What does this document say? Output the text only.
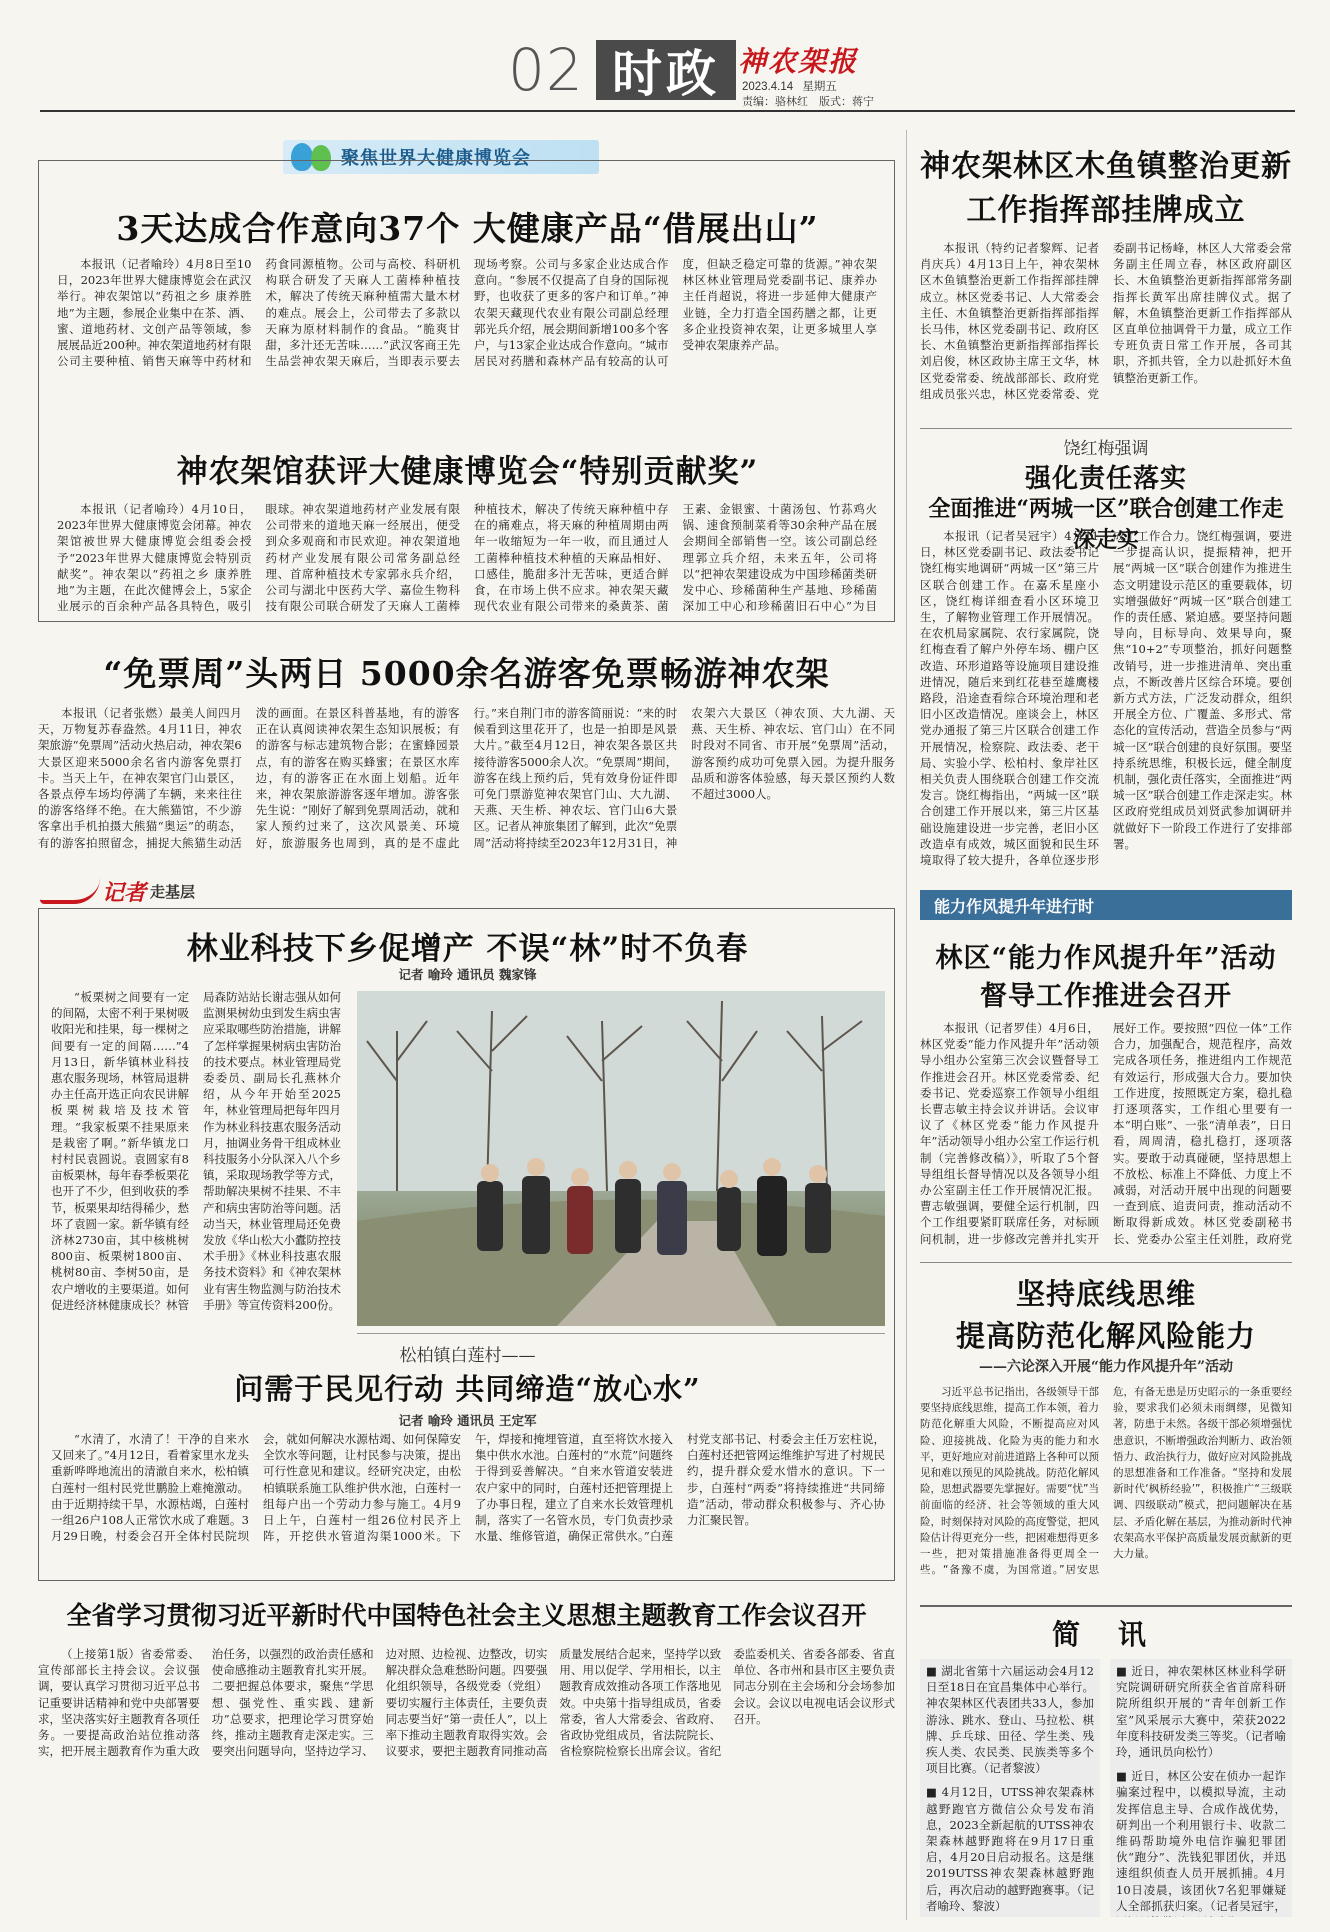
02 时政 神农架报
2023.4.14 星期五
责编：骆林红　版式：蒋宁
聚焦世界大健康博览会
3天达成合作意向37个 大健康产品“借展出山”

本报讯（记者喻玲）4月8日至10日，2023年世界大健康博览会在武汉举行。神农架馆以“药祖之乡 康养胜地”为主题，参展企业集中在茶、酒、蜜、道地药材、文创产品等领域，参展展品近200种。神农架道地药材有限公司主要种植、销售天麻等中药材和药食同源植物。公司与高校、科研机构联合研发了天麻人工菌棒种植技术，解决了传统天麻种植需大量木材的难点。展会上，公司带去了多款以天麻为原材料制作的食品。“脆爽甘甜，多汁还无苦味……”武汉客商王先生品尝神农架天麻后，当即表示要去现场考察。公司与多家企业达成合作意向。“参展不仅提高了自身的国际视野，也收获了更多的客户和订单。”神农架天藏现代农业有限公司副总经理郭光兵介绍，展会期间新增100多个客户，与13家企业达成合作意向。“城市居民对药膳和森林产品有较高的认可度，但缺乏稳定可靠的货源。”神农架林区林业管理局党委副书记、康养办主任肖超说，将进一步延伸大健康产业链，全力打造全国药膳之都，让更多企业投资神农架，让更多城里人享受神农架康养产品。

神农架馆获评大健康博览会“特别贡献奖”

本报讯（记者喻玲）4月10日，2023年世界大健康博览会闭幕。神农架馆被世界大健康博览会组委会授予“2023年世界大健康博览会特别贡献奖”。神农架以“药祖之乡 康养胜地”为主题，在此次健博会上，5家企业展示的百余种产品各具特色，吸引眼球。神农架道地药材产业发展有限公司带来的道地天麻一经展出，便受到众多观商和市民欢迎。神农架道地药材产业发展有限公司常务副总经理、首席种植技术专家郭永兵介绍，公司与湖北中医药大学、嘉俭生物科技有限公司联合研发了天麻人工菌棒种植技术，解决了传统天麻种植中存在的痛难点，将天麻的种植周期由两年一收缩短为一年一收，而且通过人工菌棒种植技术种植的天麻品相好、口感佳，脆甜多汁无苦味，更适合鲜食，在市场上供不应求。神农架天藏现代农业有限公司带来的桑黄茶、菌王素、金银蜜、十菌汤包、竹荪鸡火锅、速食预制菜肴等30余种产品在展会期间全部销售一空。该公司副总经理郭立兵介绍，未来五年，公司将以“把神农架建设成为中国珍稀菌类研发中心、珍稀菌种生产基地、珍稀菌深加工中心和珍稀菌旧石中心”为目

“免票周”头两日 5000余名游客免票畅游神农架

本报讯（记者张燃）最美人间四月天，万物复苏春盎然。4月11日，神农架旅游“免票周”活动火热启动，神农架6大景区迎来5000余名省内游客免票打卡。当天上午，在神农架官门山景区，各景点停车场均停满了车辆，来来往往的游客络绎不绝。在大熊猫馆，不少游客拿出手机拍摄大熊猫“奥运”的萌态，有的游客拍照留念，捕捉大熊猫生动活泼的画面。在景区科普基地，有的游客正在认真阅读神农架生态知识展板；有的游客与标志建筑物合影；在蜜蜂园景点，有的游客在购买蜂蜜；在景区水库边，有的游客正在水面上划船。近年来，神农架旅游游客逐年增加。游客张先生说：“刚好了解到免票周活动，就和家人预约过来了，这次风景美、环境好，旅游服务也周到，真的是不虚此行。”来自荆门市的游客简丽说：“来的时候看到这里花开了，也是一拍即是风景大片。”截至4月12日，神农架各景区共接待游客5000余人次。“免票周”期间，游客在线上预约后，凭有效身份证件即可免门票游览神农架官门山、大九湖、天燕、天生桥、神农坛、官门山6大景区。记者从神旅集团了解到，此次“免票周”活动将持续至2023年12月31日，神农架六大景区（神农顶、大九湖、天燕、天生桥、神农坛、官门山）在不同时段对不同省、市开展“免票周”活动，游客预约成功可免票入园。为提升服务品质和游客体验感，每天景区预约人数不超过3000人。

记者 走基层
林业科技下乡促增产 不误“林”时不负春
记者 喻玲 通讯员 魏家锋

“板栗树之间要有一定的间隔，太密不利于果树吸收阳光和挂果，每一棵树之间要有一定的间隔……”4月13日，新华镇林业科技惠农服务现场，林管局退耕办主任高开选正向农民讲解板栗树栽培及技术管理。“我家板栗不挂果原来是栽密了啊。”新华镇龙口村村民袁圆说。袁圆家有8亩板栗林，每年春季板栗花也开了不少，但到收获的季节，板栗果却结得稀少，愁坏了袁圆一家。新华镇有经济林2730亩，其中核桃树800亩、板栗树1800亩、桃树80亩、李树50亩，是农户增收的主要渠道。如何促进经济林健康成长？林管局森防站站长谢志强从如何监测果树幼虫到发生病虫害应采取哪些防治措施，讲解了怎样掌握果树病虫害防治的技术要点。林业管理局党委委员、副局长孔燕林介绍，从今年开始至2025年，林业管理局把每年四月作为林业科技惠农服务活动月，抽调业务骨干组成林业科技服务小分队深入八个乡镇，采取现场教学等方式，帮助解决果树不挂果、不丰产和病虫害防治等问题。活动当天，林业管理局还免费发放《华山松大小蠹防控技术手册》《林业科技惠农服务技术资料》和《神农架林业有害生物监测与防治技术手册》等宣传资料200份。

松柏镇白莲村——
问需于民见行动 共同缔造“放心水”
记者 喻玲 通讯员 王定军

“水清了，水清了！干净的自来水又回来了。”4月12日，看着家里水龙头重新哗哗地流出的清澈自来水，松柏镇白莲村一组村民党世鹏脸上难掩激动。由于近期持续干旱，水源枯竭，白莲村一组26户108人正常饮水成了难题。3月29日晚，村委会召开全体村民院坝会，就如何解决水源枯竭、如何保障安全饮水等问题，让村民参与决策，提出可行性意见和建议。经研究决定，由松柏镇联系施工队维护供水池，白莲村一组每户出一个劳动力参与施工。4月9日上午，白莲村一组26位村民齐上阵，开挖供水管道沟渠1000米。下午，焊接和掩埋管道，直至将饮水接入集中供水水池。白莲村的“水荒”问题终于得到妥善解决。“自来水管道安装进农户家中的同时，白莲村还把管理提上了办事日程，建立了自来水长效管理机制，落实了一名管水员，专门负责抄录水量、维修管道，确保正常供水。”白莲村党支部书记、村委会主任万宏柱说，白莲村还把管网运维维护写进了村规民约，提升群众爱水惜水的意识。下一步，白莲村“两委”将持续推进“共同缔造”活动，带动群众积极参与、齐心协力汇聚民智。

全省学习贯彻习近平新时代中国特色社会主义思想主题教育工作会议召开

（上接第1版）省委常委、宣传部部长主持会议。会议强调，要认真学习贯彻习近平总书记重要讲话精神和党中央部署要求，坚决落实好主题教育各项任务。一要提高政治站位推动落实，把开展主题教育作为重大政治任务，以强烈的政治责任感和使命感推动主题教育扎实开展。二要把握总体要求，聚焦“学思想、强党性、重实践、建新功”总要求，把理论学习贯穿始终，推动主题教育走深走实。三要突出问题导向，坚持边学习、边对照、边检视、边整改，切实解决群众急难愁盼问题。四要强化组织领导，各级党委（党组）要切实履行主体责任，主要负责同志要当好“第一责任人”，以上率下推动主题教育取得实效。会议要求，要把主题教育同推动高质量发展结合起来，坚持学以致用、用以促学、学用相长，以主题教育成效推动各项工作落地见效。中央第十指导组成员，省委常委，省人大常委会、省政府、省政协党组成员，省法院院长、省检察院检察长出席会议。省纪委监委机关、省委各部委、省直单位、各市州和县市区主要负责同志分别在主会场和分会场参加会议。会议以电视电话会议形式召开。

神农架林区木鱼镇整治更新工作指挥部挂牌成立

本报讯（特约记者黎辉、记者肖庆兵）4月13日上午，神农架林区木鱼镇整治更新工作指挥部挂牌成立。林区党委书记、人大常委会主任、木鱼镇整治更新指挥部指挥长马伟，林区党委副书记、政府区长、木鱼镇整治更新指挥部指挥长刘启俊，林区政协主席王文华，林区党委常委、统战部部长、政府党组成员张兴忠，林区党委常委、党委副书记杨峰，林区人大常委会常务副主任周立春，林区政府副区长、木鱼镇整治更新指挥部常务副指挥长黄军出席挂牌仪式。据了解，木鱼镇整治更新工作指挥部从区直单位抽调骨干力量，成立工作专班负责日常工作开展，各司其职，齐抓共管，全力以赴抓好木鱼镇整治更新工作。

饶红梅强调
强化责任落实
全面推进“两城一区”联合创建工作走深走实

本报讯（记者吴冠宇）4月11日，林区党委副书记、政法委书记饶红梅实地调研“两城一区”第三片区联合创建工作。在嘉禾星座小区，饶红梅详细查看小区环境卫生，了解物业管理工作开展情况。在农机局家属院、农行家属院，饶红梅查看了解户外停车场、棚户区改造、环形道路等设施项目建设推进情况，随后来到红花巷至雄鹰楼路段，沿途查看综合环境治理和老旧小区改造情况。座谈会上，林区党办通报了第三片区联合创建工作开展情况，检察院、政法委、老干局、实验小学、松柏村、象岸社区相关负责人围绕联合创建工作交流发言。饶红梅指出，“两城一区”联合创建工作开展以来，第三片区基础设施建设进一步完善，老旧小区改造卓有成效，城区面貌和民生环境取得了较大提升，各单位逐步形成了工作合力。饶红梅强调，要进一步提高认识，提振精神，把开展“两城一区”联合创建作为推进生态文明建设示范区的重要载体，切实增强做好“两城一区”联合创建工作的责任感、紧迫感。要坚持问题导向，目标导向、效果导向，聚焦“10+2”专项整治，抓好问题整改销号，进一步推进清单、突出重点，不断改善片区综合环境。要创新方式方法，广泛发动群众，组织开展全方位、广覆盖、多形式、常态化的宣传活动，营造全员参与“两城一区”联合创建的良好氛围。要坚持系统思维，积极长远，健全制度机制，强化责任落实，全面推进“两城一区”联合创建工作走深走实。林区政府党组成员刘贤武参加调研并就做好下一阶段工作进行了安排部署。

能力作风提升年进行时
林区“能力作风提升年”活动
督导工作推进会召开

本报讯（记者罗佳）4月6日，林区党委“能力作风提升年”活动领导小组办公室第三次会议暨督导工作推进会召开。林区党委常委、纪委书记、党委巡察工作领导小组组长曹志敏主持会议并讲话。会议审议了《林区党委“能力作风提升年”活动领导小组办公室工作运行机制（完善修改稿）》，听取了5个督导组组长督导情况以及各领导小组办公室副主任工作开展情况汇报。曹志敏强调，要健全运行机制，四个工作组要紧盯联席任务，对标顾问机制，进一步修改完善并扎实开展好工作。要按照“四位一体”工作合力，加强配合，规范程序，高效完成各项任务，推进组内工作规范有效运行，形成强大合力。要加快工作进度，按照既定方案，稳扎稳打逐项落实，工作组心里要有一本“明白账”、一张“清单表”，日日看，周周清，稳扎稳打，逐项落实。要敢于动真碰硬，坚持思想上不放松、标准上不降低、力度上不减弱，对活动开展中出现的问题要一查到底、追责问责，推动活动不断取得新成效。林区党委副秘书长、党委办公室主任刘胜，政府党

坚持底线思维
提高防范化解风险能力
——六论深入开展“能力作风提升年”活动

习近平总书记指出，各级领导干部要坚持底线思维，提高工作本领，着力防范化解重大风险，不断提高应对风险、迎接挑战、化险为夷的能力和水平，更好地应对前进道路上各种可以预见和难以预见的风险挑战。防范化解风险，思想武器要先掌握好。需要“忧”当前面临的经济、社会等领域的重大风险，时刻保持对风险的高度警觉，把风险估计得更充分一些，把困难想得更多一些，把对策措施准备得更周全一些。“备豫不虞，为国常道。”居安思危，有备无患是历史昭示的一条重要经验，要求我们必须未雨绸缪，见微知著，防患于未然。各级干部必须增强忧患意识，不断增强政治判断力、政治领悟力、政治执行力，做好应对风险挑战的思想准备和工作准备。“坚持和发展新时代‘枫桥经验’”，积极推广“三级联调、四级联动”模式，把问题解决在基层、矛盾化解在基层，为推动新时代神农架高水平保护高质量发展贡献新的更大力量。

简 讯

■ 湖北省第十六届运动会4月12日至18日在宜昌集体中心举行。神农架林区代表团共33人，参加游泳、跳水、登山、马拉松、棋牌、乒乓球、田径、学生类、残疾人类、农民类、民族类等多个项目比赛。（记者黎波）

■ 4月12日，UTSS神农架森林越野跑官方微信公众号发布消息，2023全新起航的UTSS神农架森林越野跑将在9月17日重启，4月20日启动报名。这是继2019UTSS神农架森林越野跑后，再次启动的越野跑赛事。（记者喻玲、黎波）

■ 近日，神农架林区林业科学研究院调研研究所获全省首席科研院所组织开展的“青年创新工作室”风采展示大赛中，荣获2022年度科技研发类三等奖。（记者喻玲，通讯员向松竹）

■ 近日，林区公安在侦办一起诈骗案过程中，以模拟导流，主动发挥信息主导、合成作战优势，研判出一个利用银行卡、收款二维码帮助境外电信诈骗犯罪团伙“跑分”、洗钱犯罪团伙，并迅速组织侦查人员开展抓捕。4月10日凌晨，该团伙7名犯罪嫌疑人全部抓获归案。（记者吴冠宇，
